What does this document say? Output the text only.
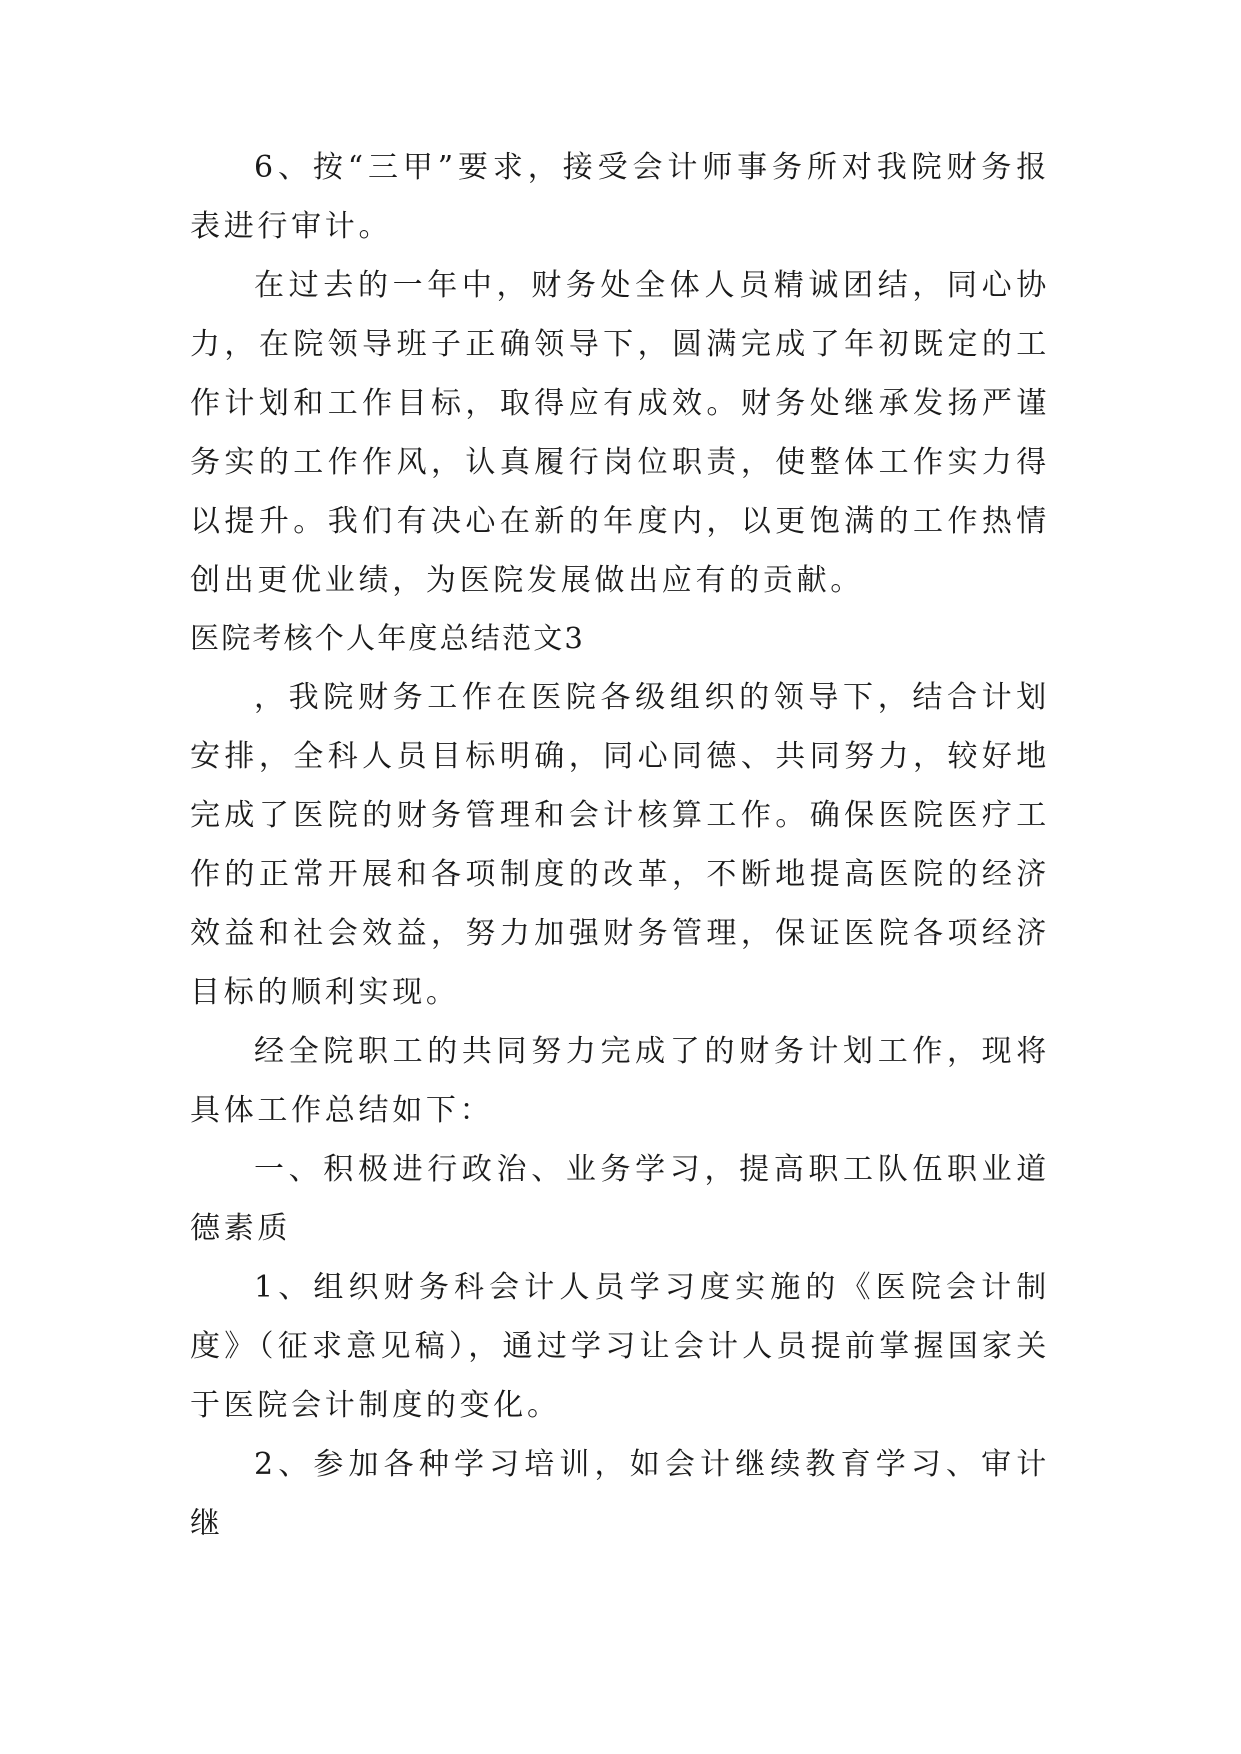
6、按“三甲”要求，接受会计师事务所对我院财务报表进行审计。

在过去的一年中，财务处全体人员精诚团结，同心协力，在院领导班子正确领导下，圆满完成了年初既定的工作计划和工作目标，取得应有成效。财务处继承发扬严谨务实的工作作风，认真履行岗位职责，使整体工作实力得以提升。我们有决心在新的年度内，以更饱满的工作热情创出更优业绩，为医院发展做出应有的贡献。

医院考核个人年度总结范文3

，我院财务工作在医院各级组织的领导下，结合计划安排，全科人员目标明确，同心同德、共同努力，较好地完成了医院的财务管理和会计核算工作。确保医院医疗工作的正常开展和各项制度的改革，不断地提高医院的经济效益和社会效益，努力加强财务管理，保证医院各项经济目标的顺利实现。

经全院职工的共同努力完成了的财务计划工作，现将具体工作总结如下：

一、积极进行政治、业务学习，提高职工队伍职业道德素质

1、组织财务科会计人员学习度实施的《医院会计制度》（征求意见稿），通过学习让会计人员提前掌握国家关于医院会计制度的变化。

2、参加各种学习培训，如会计继续教育学习、审计继
